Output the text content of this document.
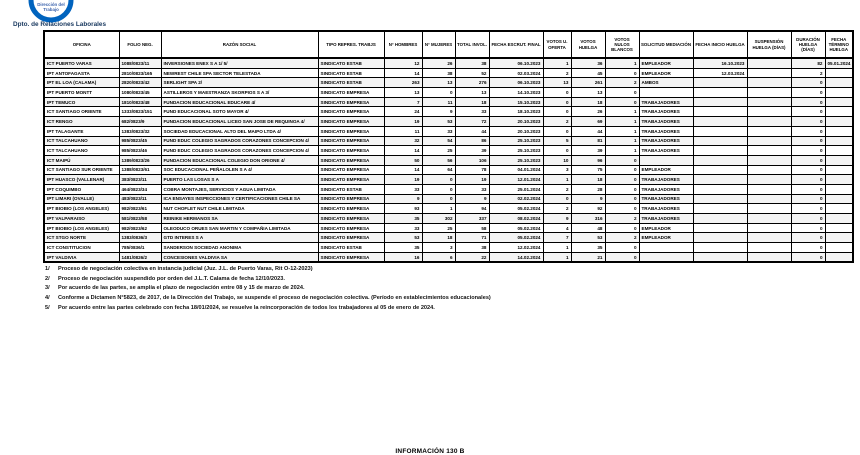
Dirección del
Trabajo
Dpto. de Relaciones Laborales
OFICINA	FOLIO NEG.	RAZÓN SOCIAL	TIPO REPRES. TRABJS	N° HOMBRES	N° MUJERES	TOTAL INVOL.	FECHA ESCRUT. FINAL	VOTOS U. OFERTA	VOTOS HUELGA	VOTOS NULOS BLANCOS	SOLICITUD MEDIACIÓN	FECHA INICIO HUELGA	SUSPENSIÓN HUELGA (DÍAS)	DURACIÓN HUELGA (DÍAS)	FECHA TÉRMINO HUELGA
ICT PUERTO VARAS	1088/0823/11	INVERSIONES ENEX S A 1/ 5/	SINDICATO ESTAB	12	26	38	06.10.2023	1	36	1	EMPLEADOR	16.10.2023		82	05.01.2024
IPT ANTOFAGASTA	2810/0823/165	NEWREST CHILE SPA SECTOR TELESTADA	SINDICATO ESTAB	14	38	52	02.03.2024	2	45	0	EMPLEADOR	12.03.2024		2	
IPT EL LOA (CALAMA)	2820/0823/42	SERLIGHT SPA 2/	SINDICATO ESTAB	263	13	276	06.10.2023	13	261	2	AMBOS			0	
IPT PUERTO MONTT	1080/0823/45	ASTILLEROS Y MAESTRANZA SKORPIOS S A 3/	SINDICATO EMPRESA	13	0	13	14.10.2023	0	13	0				0	
IPT TEMUCO	1810/0823/48	FUNDACION EDUCACIONAL EDUCARE 4/	SINDICATO EMPRESA	7	11	18	15.10.2023	0	18	0	TRABAJADORES			0	
ICT SANTIAGO ORIENTE	1333/0823/151	FUND EDUCACIONAL SOTO MAYOR 4/	SINDICATO EMPRESA	24	9	33	18.10.2023	0	26	1	TRABAJADORES			0	
ICT RENGO	682/0823/9	FUNDACION EDUCACIONAL LICEO SAN JOSE DE REQUINOA 4/	SINDICATO EMPRESA	19	53	72	20.10.2023	2	69	1	TRABAJADORES			0	
IPT TALAGANTE	1383/0823/32	SOCIEDAD EDUCACIONAL ALTO DEL MAIPO LTDA 4/	SINDICATO EMPRESA	11	33	44	20.10.2023	0	44	1	TRABAJADORES			0	
ICT TALCAHUANO	985/0823/45	FUND EDUC COLEGIO SAGRADOS CORAZONES CONCEPCION 4/	SINDICATO EMPRESA	32	54	86	25.10.2023	5	81	1	TRABAJADORES			0	
ICT TALCAHUANO	985/0823/46	FUND EDUC COLEGIO SAGRADOS CORAZONES CONCEPCION 4/	SINDICATO EMPRESA	14	25	39	25.10.2023	0	39	1	TRABAJADORES			0	
ICT MAIPÚ	1389/0823/26	FUNDACION EDUCACIONAL COLEGIO DON ORIONE 4/	SINDICATO EMPRESA	50	56	106	25.10.2023	10	96	0				0	
ICT SANTIAGO SUR ORIENTE	1388/0823/61	SOC EDUCACIONAL PEÑALOLEN S A 4/	SINDICATO EMPRESA	14	64	78	04.01.2024	3	75	0	EMPLEADOR			0	
IPT HUASCO (VALLENAR)	383/0823/11	PUERTO LAS LOSAS S A	SINDICATO EMPRESA	19	0	19	12.01.2024	1	18	0	TRABAJADORES			0	
IPT COQUIMBO	464/0823/34	COBRA MONTAJES, SERVICIOS Y AGUA LIMITADA	SINDICATO ESTAB	33	0	33	25.01.2024	2	28	0	TRABAJADORES			0	
IPT LIMARI (OVALLE)	483/0823/11	ICA ENSAYES INSPECCIONES Y CERTIFICACIONES CHILE SA	SINDICATO EMPRESA	9	0	9	02.02.2024	0	9	0	TRABAJADORES			0	
IPT BIOBIO (LOS ANGELES)	982/0823/61	NUT CHOFLET NUT CHILE LIMITADA	SINDICATO EMPRESA	93	1	94	05.02.2024	2	92	0	TRABAJADORES			0	
IPT VALPARAISO	581/0823/58	REINIKE HERMANOS SA	SINDICATO EMPRESA	35	302	337	08.02.2024	9	316	2	TRABAJADORES			0	
IPT BIOBIO (LOS ANGELES)	982/0823/62	OLEODUCO ORUES SAN MARTIN Y COMPAÑIA LIMITADA	SINDICATO EMPRESA	33	25	58	05.02.2024	4	48	0	EMPLEADOR			0	
ICT STGO NORTE	1383/0836/3	GTD INTERES S A	SINDICATO EMPRESA	53	18	71	05.02.2024	7	53	2	EMPLEADOR			0	
ICT CONSTITUCION	785/0836/1	SANDERSON SOCIEDAD ANONIMA	SINDICATO ESTAB	35	3	38	12.02.2024	1	35	0				0	
IPT VALDIVIA	1481/0826/2	CONCESIONES VALDIVIA SA	SINDICATO EMPRESA	16	6	22	14.02.2024	1	21	0				0	
1/ Proceso de negociación colectiva en instancia judicial (Juz. J.L. de Puerto Varas, Rit O-12-2023)
2/ Proceso de negociación suspendido por orden del J.L.T. Calama de fecha 12/10/2023.
3/ Por acuerdo de las partes, se amplía el plazo de negociación entre 08 y 15 de marzo de 2024.
4/ Conforme a Dictamen N°5823, de 2017, de la Dirección del Trabajo, se suspende el proceso de negociación colectiva. (Período en establecimientos educacionales)
5/ Por acuerdo entre las partes celebrado con fecha 18/01/2024, se resuelve la reincorporación de todos los trabajadores al 05 de enero de 2024.
INFORMACIÓN 130 B
